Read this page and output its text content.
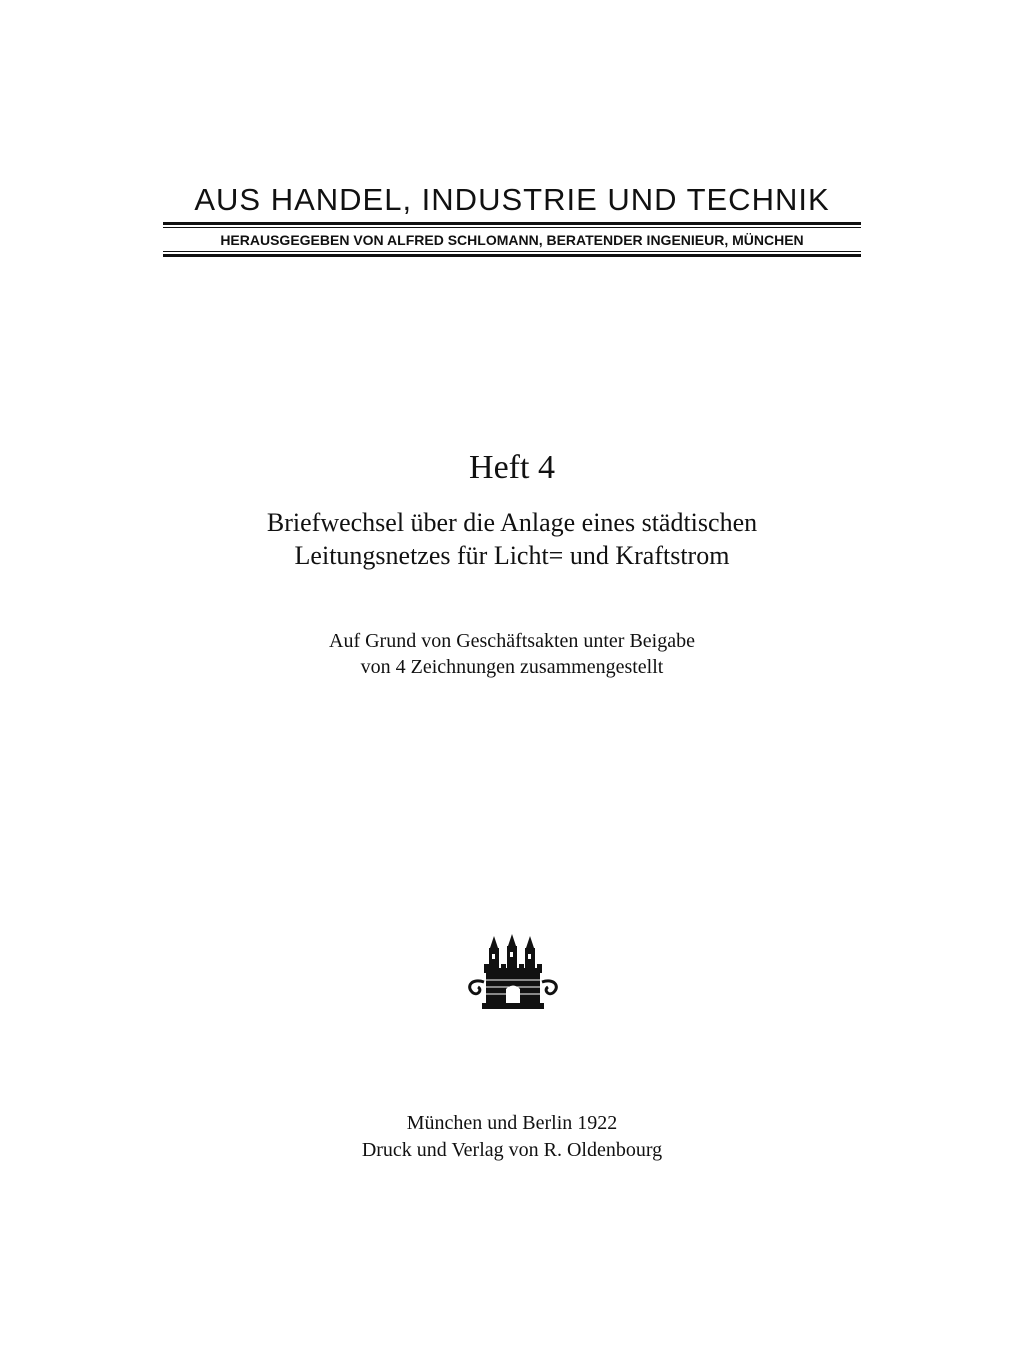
AUS HANDEL, INDUSTRIE UND TECHNIK
HERAUSGEGEBEN VON ALFRED SCHLOMANN, BERATENDER INGENIEUR, MÜNCHEN
Heft 4
Briefwechsel über die Anlage eines städtischen
Leitungsnetzes für Licht= und Kraftstrom
Auf Grund von Geschäftsakten unter Beigabe
von 4 Zeichnungen zusammengestellt
München und Berlin 1922
Druck und Verlag von R. Oldenbourg
